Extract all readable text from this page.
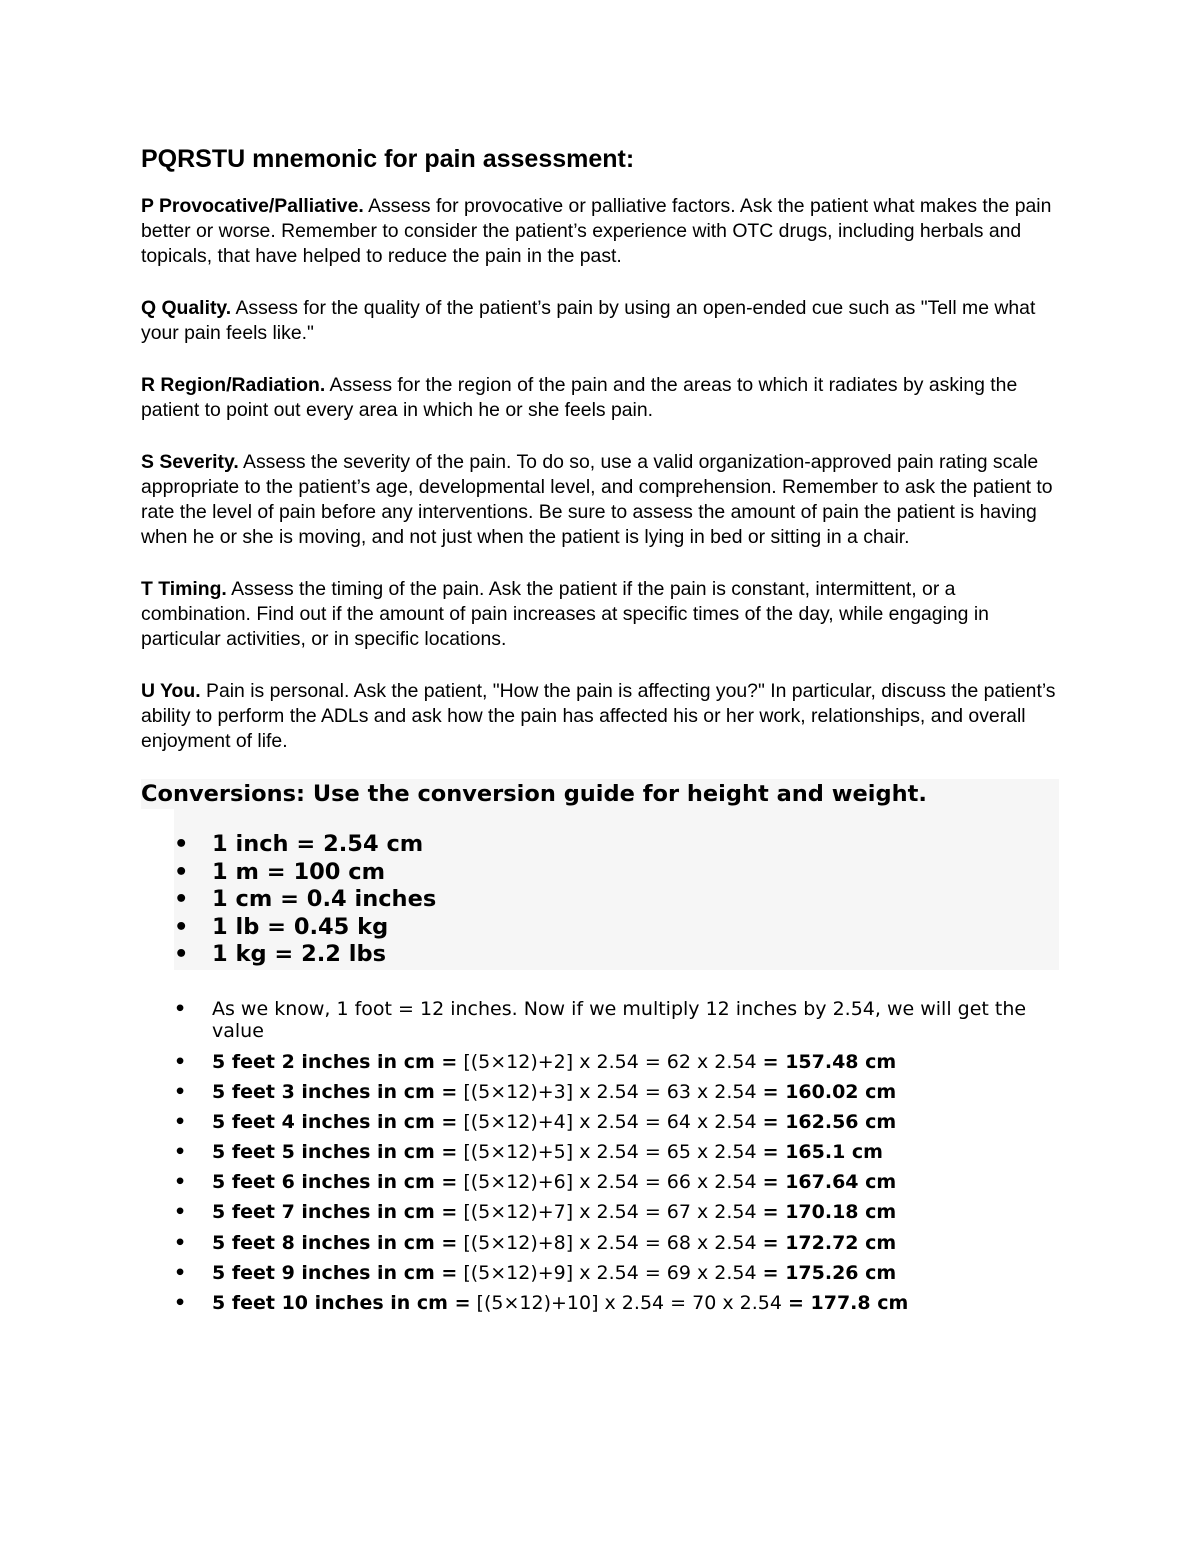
PQRSTU mnemonic for pain assessment:

P Provocative/Palliative. Assess for provocative or palliative factors. Ask the patient what makes the pain better or worse. Remember to consider the patient’s experience with OTC drugs, including herbals and topicals, that have helped to reduce the pain in the past.

Q Quality. Assess for the quality of the patient’s pain by using an open-ended cue such as "Tell me what your pain feels like."

R Region/Radiation. Assess for the region of the pain and the areas to which it radiates by asking the patient to point out every area in which he or she feels pain.

S Severity. Assess the severity of the pain. To do so, use a valid organization-approved pain rating scale appropriate to the patient’s age, developmental level, and comprehension. Remember to ask the patient to rate the level of pain before any interventions. Be sure to assess the amount of pain the patient is having when he or she is moving, and not just when the patient is lying in bed or sitting in a chair.

T Timing. Assess the timing of the pain. Ask the patient if the pain is constant, intermittent, or a combination. Find out if the amount of pain increases at specific times of the day, while engaging in particular activities, or in specific locations.

U You. Pain is personal. Ask the patient, "How the pain is affecting you?" In particular, discuss the patient’s ability to perform the ADLs and ask how the pain has affected his or her work, relationships, and overall enjoyment of life.

Conversions: Use the conversion guide for height and weight.
• 1 inch = 2.54 cm
• 1 m = 100 cm
• 1 cm = 0.4 inches
• 1 lb = 0.45 kg
• 1 kg = 2.2 lbs
• As we know, 1 foot = 12 inches. Now if we multiply 12 inches by 2.54, we will get the value
• 5 feet 2 inches in cm = [(5×12)+2] x 2.54 = 62 x 2.54 = 157.48 cm
• 5 feet 3 inches in cm = [(5×12)+3] x 2.54 = 63 x 2.54 = 160.02 cm
• 5 feet 4 inches in cm = [(5×12)+4] x 2.54 = 64 x 2.54 = 162.56 cm
• 5 feet 5 inches in cm = [(5×12)+5] x 2.54 = 65 x 2.54 = 165.1 cm
• 5 feet 6 inches in cm = [(5×12)+6] x 2.54 = 66 x 2.54 = 167.64 cm
• 5 feet 7 inches in cm = [(5×12)+7] x 2.54 = 67 x 2.54 = 170.18 cm
• 5 feet 8 inches in cm = [(5×12)+8] x 2.54 = 68 x 2.54 = 172.72 cm
• 5 feet 9 inches in cm = [(5×12)+9] x 2.54 = 69 x 2.54 = 175.26 cm
• 5 feet 10 inches in cm = [(5×12)+10] x 2.54 = 70 x 2.54 = 177.8 cm
